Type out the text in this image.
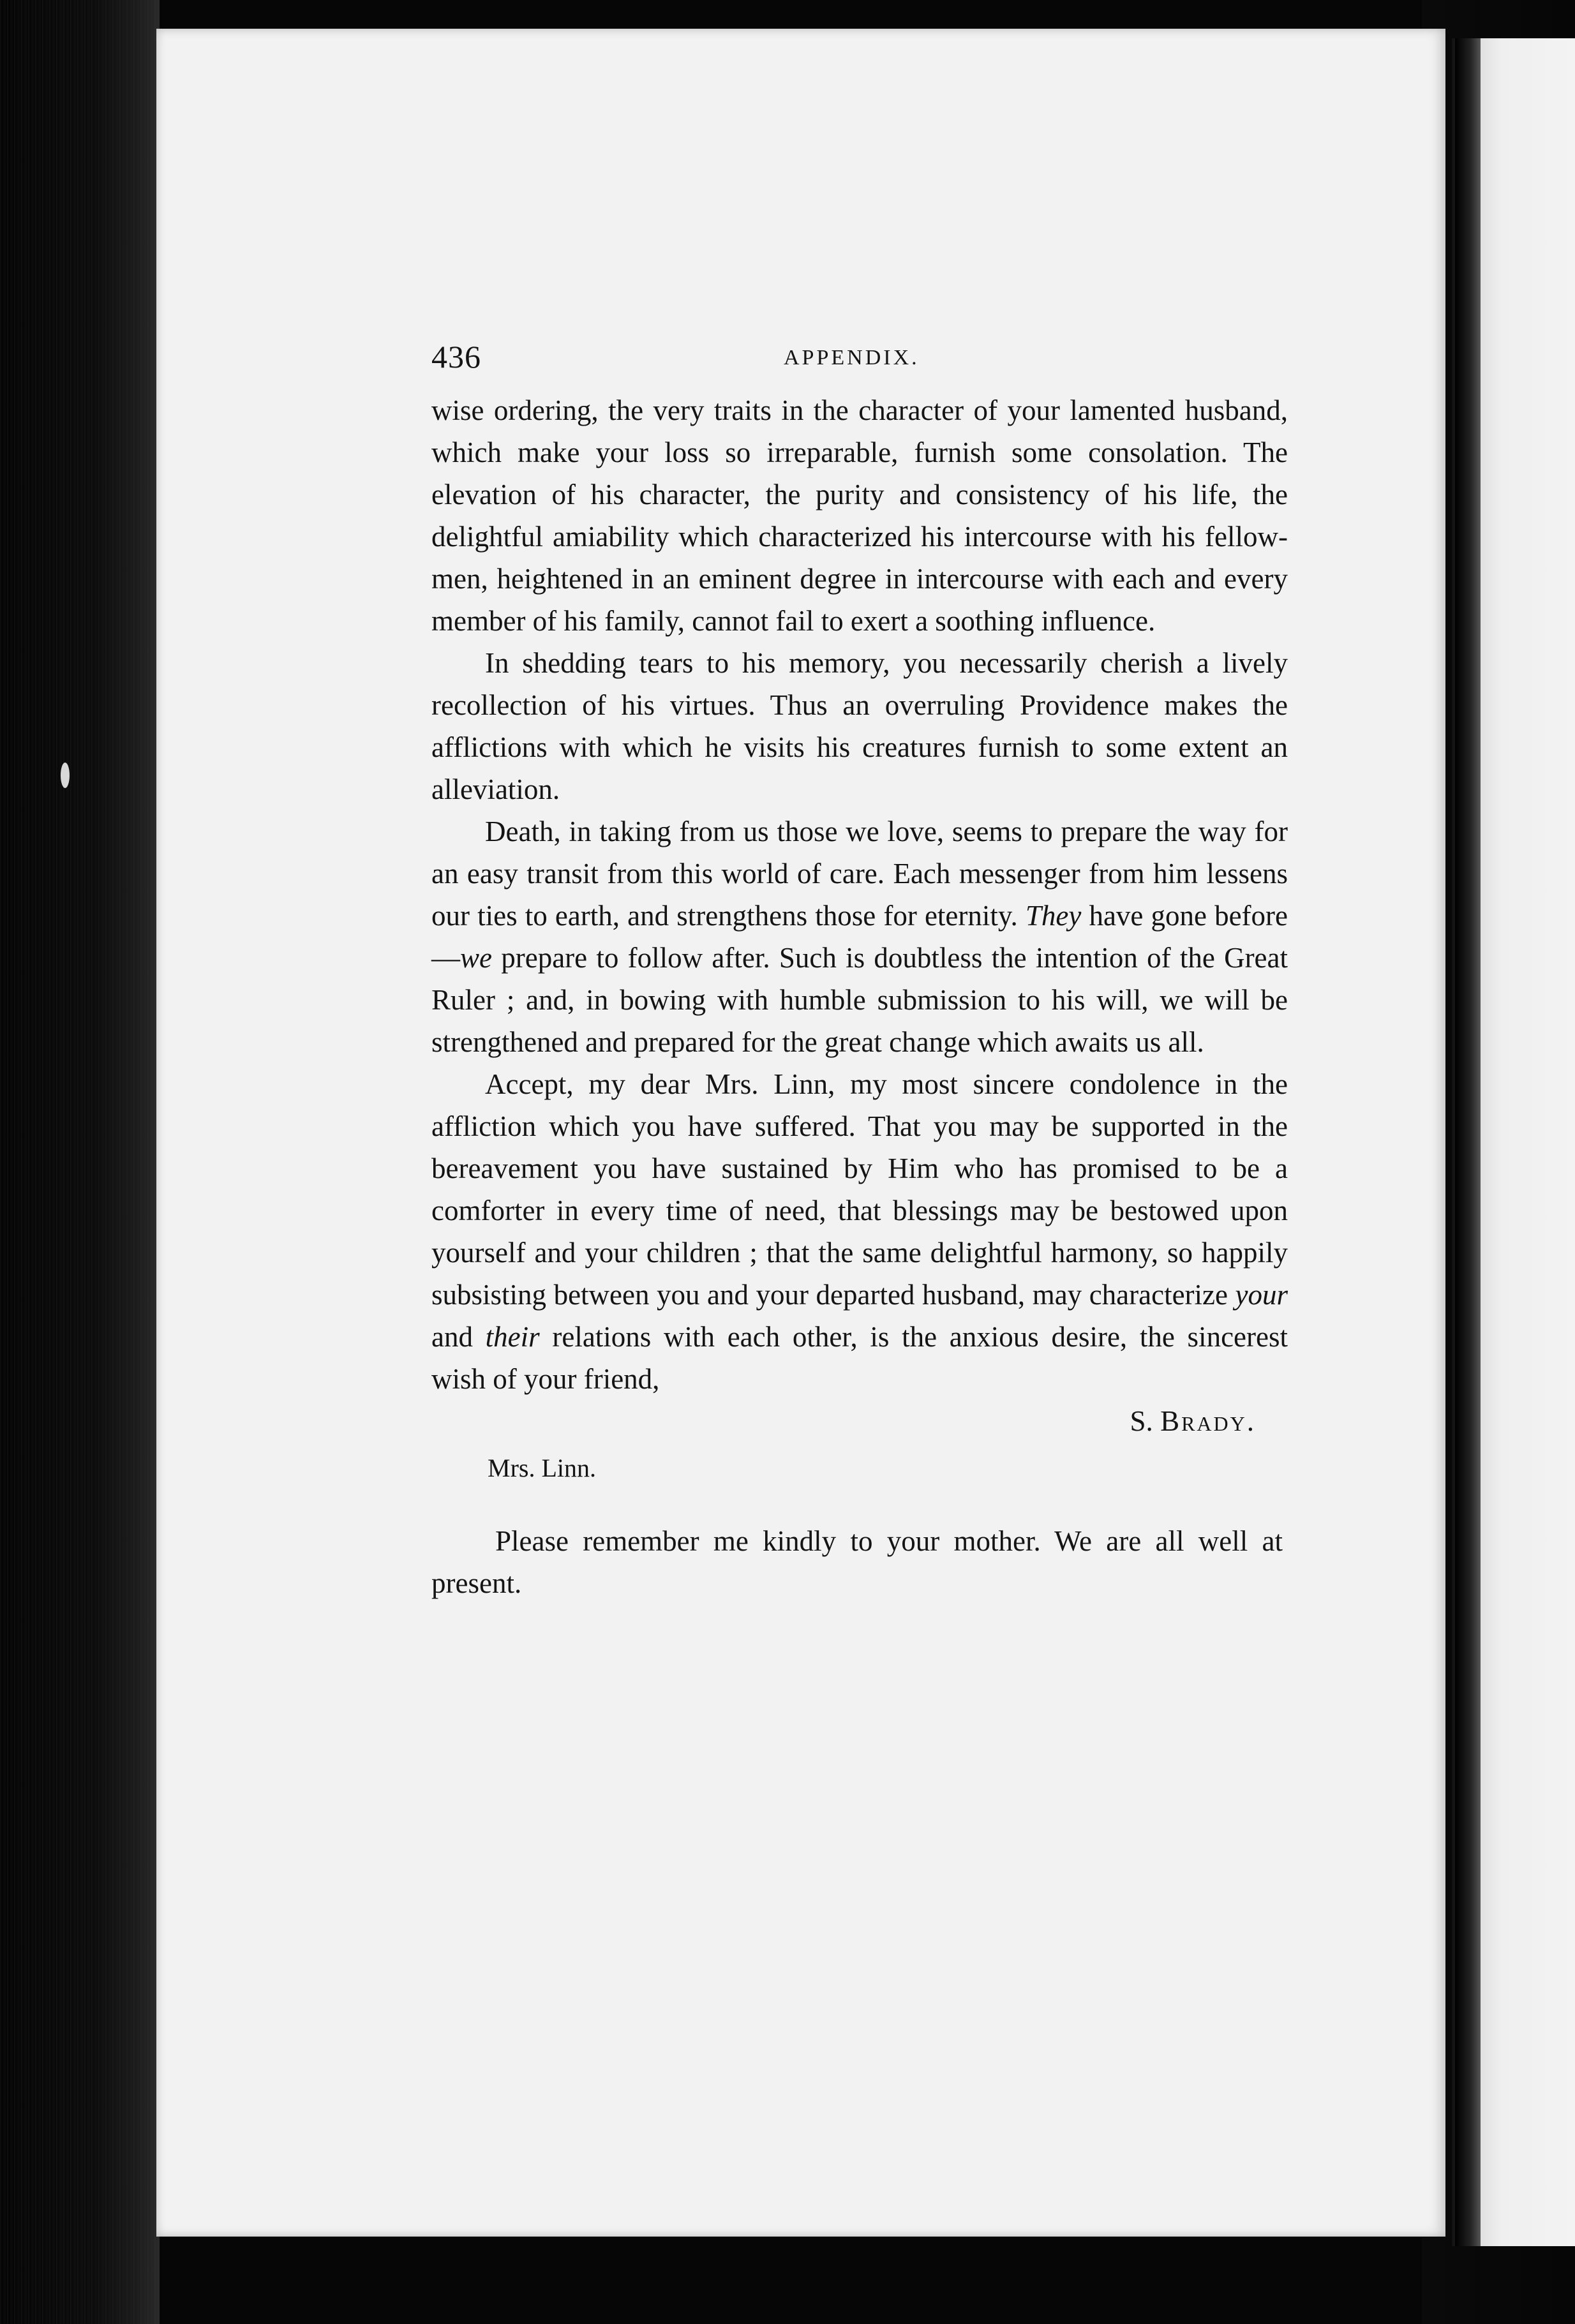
436	APPENDIX.

wise ordering, the very traits in the character of your lamented husband, which make your loss so irreparable, furnish some consolation. The elevation of his character, the purity and consistency of his life, the delightful amiability which characterized his intercourse with his fellow-men, heightened in an eminent degree in intercourse with each and every member of his family, cannot fail to exert a soothing influence.

In shedding tears to his memory, you necessarily cherish a lively recollection of his virtues. Thus an overruling Providence makes the afflictions with which he visits his creatures furnish to some extent an alleviation.

Death, in taking from us those we love, seems to prepare the way for an easy transit from this world of care. Each messenger from him lessens our ties to earth, and strengthens those for eternity. They have gone before—we prepare to follow after. Such is doubtless the intention of the Great Ruler ; and, in bowing with humble submission to his will, we will be strengthened and prepared for the great change which awaits us all.

Accept, my dear Mrs. Linn, my most sincere condolence in the affliction which you have suffered. That you may be supported in the bereavement you have sustained by Him who has promised to be a comforter in every time of need, that blessings may be bestowed upon yourself and your children ; that the same delightful harmony, so happily subsisting between you and your departed husband, may characterize your and their relations with each other, is the anxious desire, the sincerest wish of your friend,

S. Brady.
Mrs. Linn.

Please remember me kindly to your mother. We are all well at present.
